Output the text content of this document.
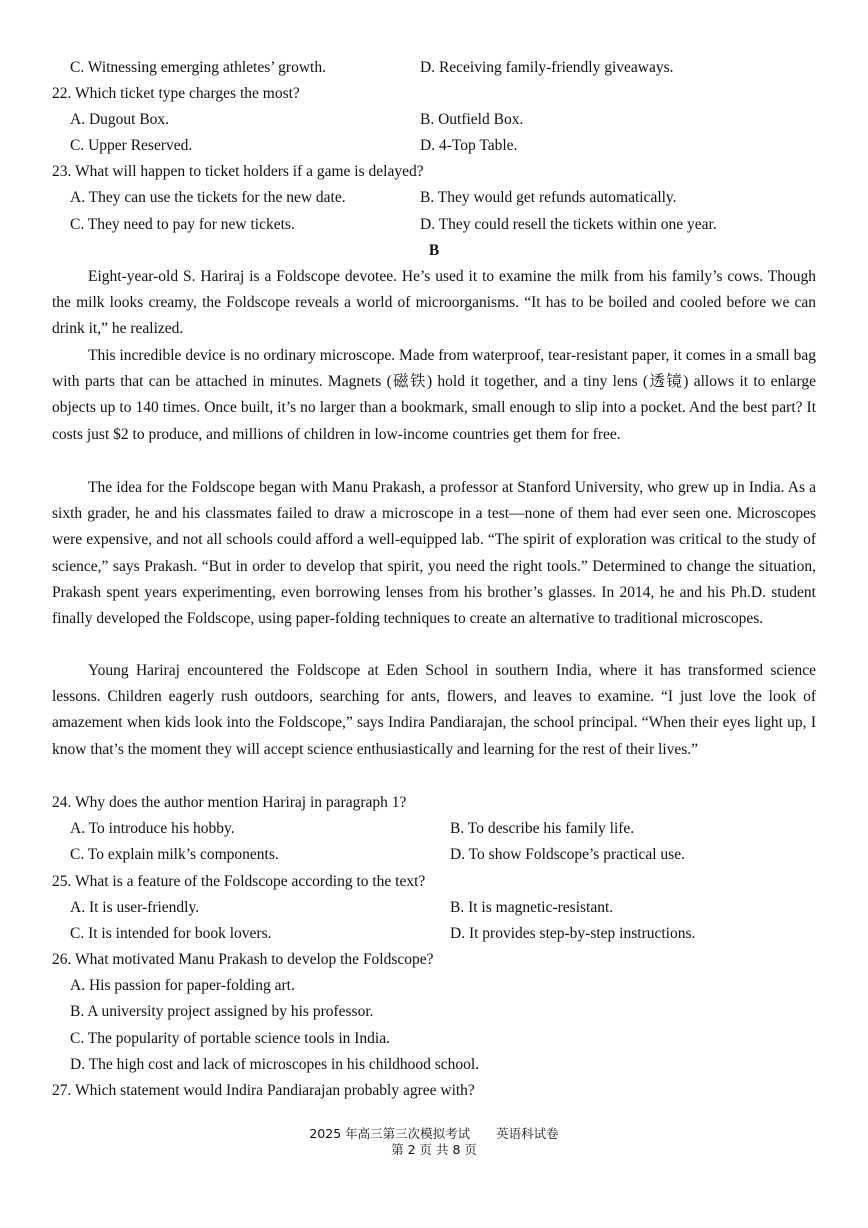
C. Witnessing emerging athletes’ growth.	D. Receiving family-friendly giveaways.
22. Which ticket type charges the most?
A. Dugout Box.	B. Outfield Box.
C. Upper Reserved.	D. 4-Top Table.
23. What will happen to ticket holders if a game is delayed?
A. They can use the tickets for the new date.	B. They would get refunds automatically.
C. They need to pay for new tickets.	D. They could resell the tickets within one year.
B

Eight-year-old S. Hariraj is a Foldscope devotee. He’s used it to examine the milk from his family’s cows. Though the milk looks creamy, the Foldscope reveals a world of microorganisms. “It has to be boiled and cooled before we can drink it,” he realized.

This incredible device is no ordinary microscope. Made from waterproof, tear-resistant paper, it comes in a small bag with parts that can be attached in minutes. Magnets (磁铁) hold it together, and a tiny lens (透镜) allows it to enlarge objects up to 140 times. Once built, it’s no larger than a bookmark, small enough to slip into a pocket. And the best part? It costs just $2 to produce, and millions of children in low-income countries get them for free.

The idea for the Foldscope began with Manu Prakash, a professor at Stanford University, who grew up in India. As a sixth grader, he and his classmates failed to draw a microscope in a test—none of them had ever seen one. Microscopes were expensive, and not all schools could afford a well-equipped lab. “The spirit of exploration was critical to the study of science,” says Prakash. “But in order to develop that spirit, you need the right tools.” Determined to change the situation, Prakash spent years experimenting, even borrowing lenses from his brother’s glasses. In 2014, he and his Ph.D. student finally developed the Foldscope, using paper-folding techniques to create an alternative to traditional microscopes.

Young Hariraj encountered the Foldscope at Eden School in southern India, where it has transformed science lessons. Children eagerly rush outdoors, searching for ants, flowers, and leaves to examine. “I just love the look of amazement when kids look into the Foldscope,” says Indira Pandiarajan, the school principal. “When their eyes light up, I know that’s the moment they will accept science enthusiastically and learning for the rest of their lives.”

24. Why does the author mention Hariraj in paragraph 1?
A. To introduce his hobby.	B. To describe his family life.
C. To explain milk’s components.	D. To show Foldscope’s practical use.
25. What is a feature of the Foldscope according to the text?
A. It is user-friendly.	B. It is magnetic-resistant.
C. It is intended for book lovers.	D. It provides step-by-step instructions.
26. What motivated Manu Prakash to develop the Foldscope?
A. His passion for paper-folding art.
B. A university project assigned by his professor.
C. The popularity of portable science tools in India.
D. The high cost and lack of microscopes in his childhood school.
27. Which statement would Indira Pandiarajan probably agree with?
2025 年高三第三次模拟考试 英语科试卷
第 2 页 共 8 页
